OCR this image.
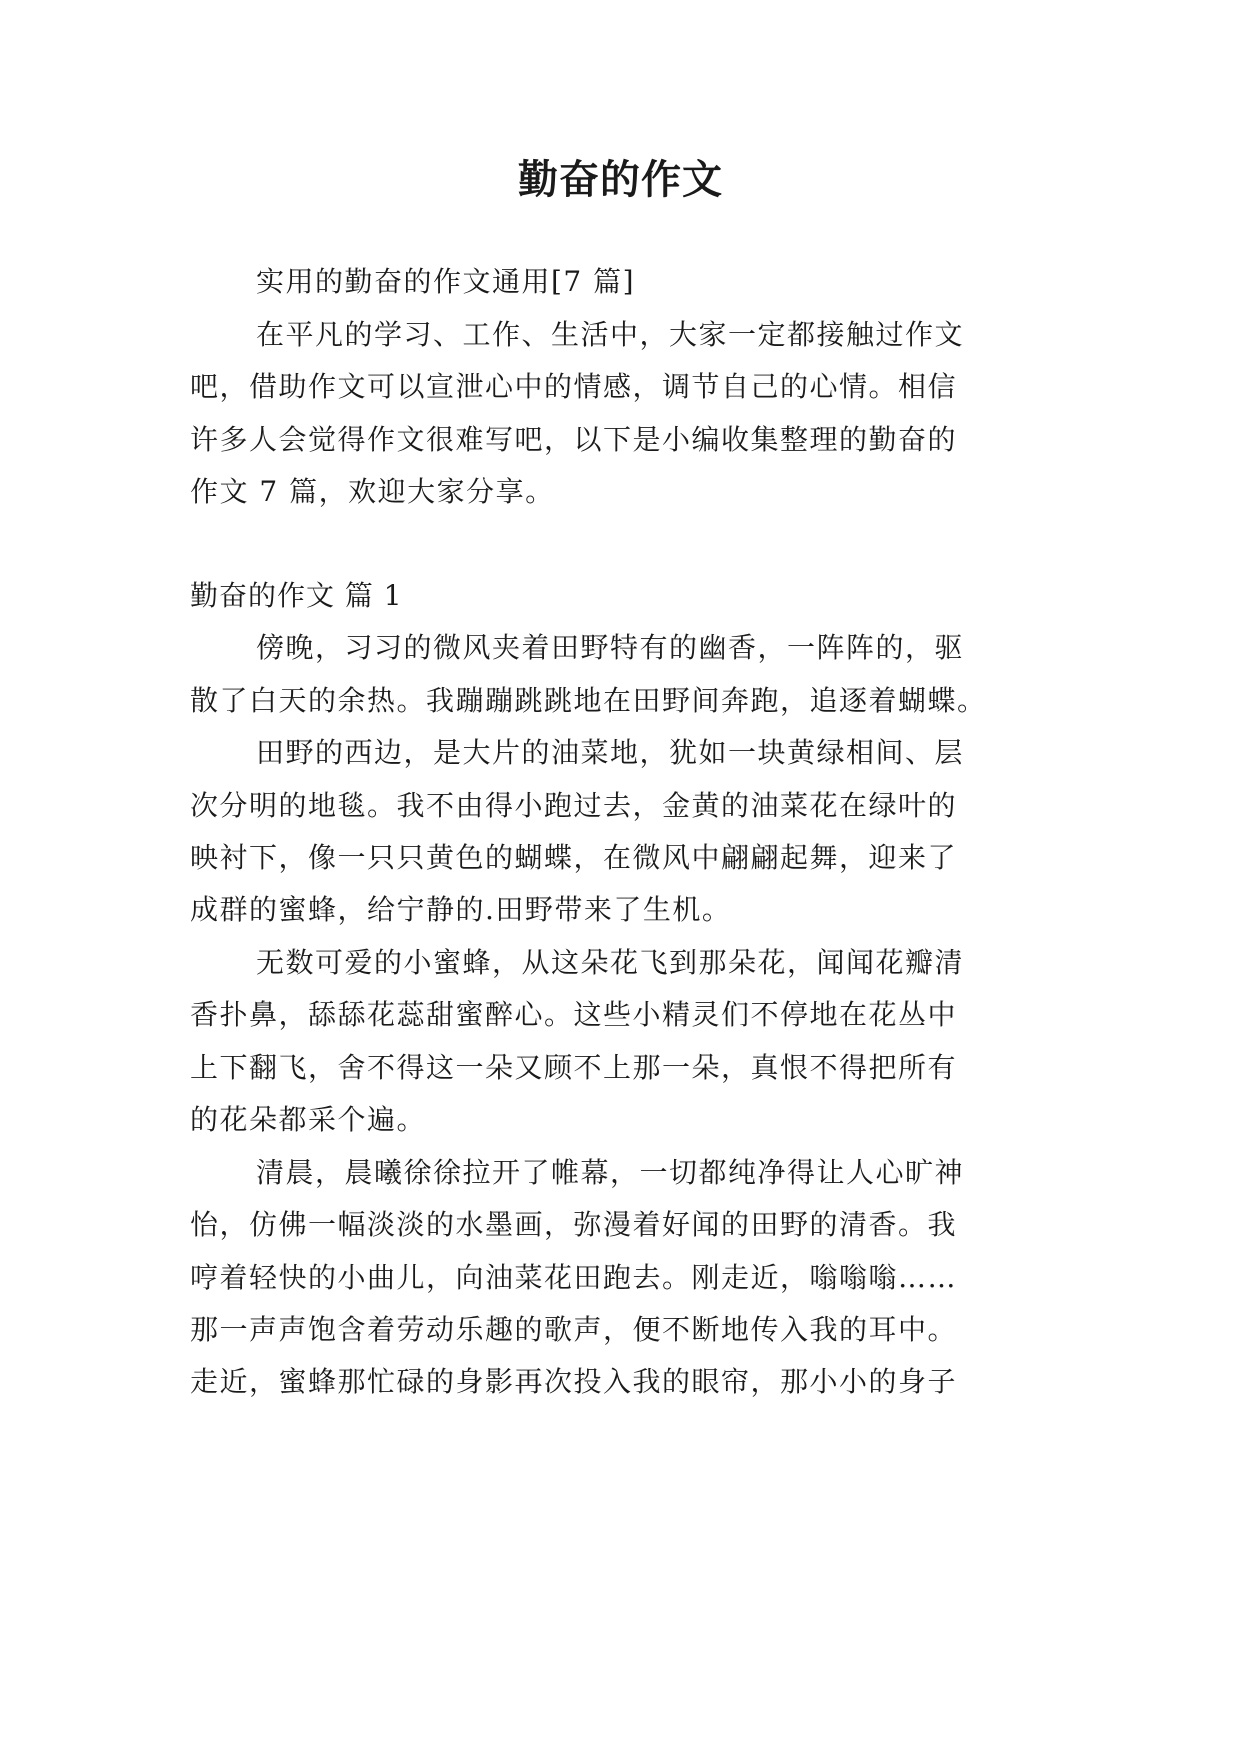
勤奋的作文

实用的勤奋的作文通用[7 篇]

在平凡的学习、工作、生活中，大家一定都接触过作文

吧，借助作文可以宣泄心中的情感，调节自己的心情。相信

许多人会觉得作文很难写吧，以下是小编收集整理的勤奋的

作文 7 篇，欢迎大家分享。

勤奋的作文 篇 1

傍晚，习习的微风夹着田野特有的幽香，一阵阵的，驱

散了白天的余热。我蹦蹦跳跳地在田野间奔跑，追逐着蝴蝶。

田野的西边，是大片的油菜地，犹如一块黄绿相间、层

次分明的地毯。我不由得小跑过去，金黄的油菜花在绿叶的

映衬下，像一只只黄色的蝴蝶，在微风中翩翩起舞，迎来了

成群的蜜蜂，给宁静的.田野带来了生机。

无数可爱的小蜜蜂，从这朵花飞到那朵花，闻闻花瓣清

香扑鼻，舔舔花蕊甜蜜醉心。这些小精灵们不停地在花丛中

上下翻飞，舍不得这一朵又顾不上那一朵，真恨不得把所有

的花朵都采个遍。

清晨，晨曦徐徐拉开了帷幕，一切都纯净得让人心旷神

怡，仿佛一幅淡淡的水墨画，弥漫着好闻的田野的清香。我

哼着轻快的小曲儿，向油菜花田跑去。刚走近，嗡嗡嗡……

那一声声饱含着劳动乐趣的歌声，便不断地传入我的耳中。

走近，蜜蜂那忙碌的身影再次投入我的眼帘，那小小的身子
